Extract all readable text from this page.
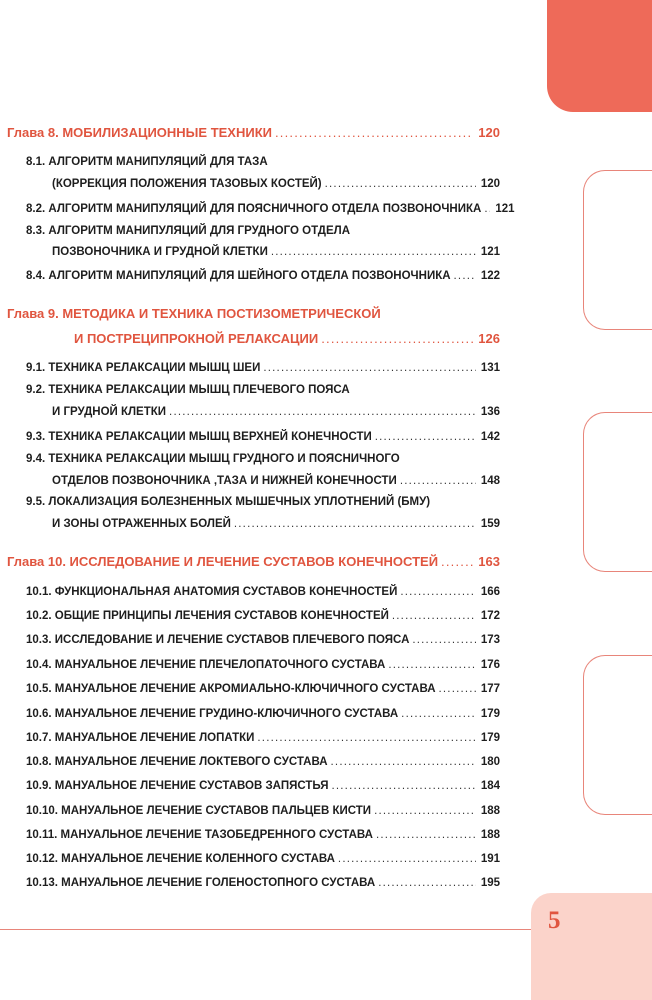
5
Глава 8. МОБИЛИЗАЦИОННЫЕ ТЕХНИКИ .....	120
8.1. АЛГОРИТМ МАНИПУЛЯЦИЙ ДЛЯ ТАЗА
(КОРРЕКЦИЯ ПОЛОЖЕНИЯ ТАЗОВЫХ КОСТЕЙ) .....	120
8.2. АЛГОРИТМ МАНИПУЛЯЦИЙ ДЛЯ ПОЯСНИЧНОГО ОТДЕЛА ПОЗВОНОЧНИКА ..... 121
8.3. АЛГОРИТМ МАНИПУЛЯЦИЙ ДЛЯ ГРУДНОГО ОТДЕЛА
ПОЗВОНОЧНИКА И ГРУДНОЙ КЛЕТКИ .....	121
8.4. АЛГОРИТМ МАНИПУЛЯЦИЙ ДЛЯ ШЕЙНОГО ОТДЕЛА ПОЗВОНОЧНИКА .....	122
Глава 9. МЕТОДИКА И ТЕХНИКА ПОСТИЗОМЕТРИЧЕСКОЙ
И ПОСТРЕЦИПРОКНОЙ РЕЛАКСАЦИИ .....	126
9.1. ТЕХНИКА РЕЛАКСАЦИИ МЫШЦ ШЕИ .....	131
9.2. ТЕХНИКА РЕЛАКСАЦИИ МЫШЦ ПЛЕЧЕВОГО ПОЯСА
И ГРУДНОЙ КЛЕТКИ .....	136
9.3. ТЕХНИКА РЕЛАКСАЦИИ МЫШЦ ВЕРХНЕЙ КОНЕЧНОСТИ .....	142
9.4. ТЕХНИКА РЕЛАКСАЦИИ МЫШЦ ГРУДНОГО И ПОЯСНИЧНОГО
ОТДЕЛОВ ПОЗВОНОЧНИКА ,ТАЗА И НИЖНЕЙ КОНЕЧНОСТИ .....	148
9.5. ЛОКАЛИЗАЦИЯ БОЛЕЗНЕННЫХ МЫШЕЧНЫХ УПЛОТНЕНИЙ (БМУ)
И ЗОНЫ ОТРАЖЕННЫХ БОЛЕЙ .....	159
Глава 10. ИССЛЕДОВАНИЕ И ЛЕЧЕНИЕ СУСТАВОВ КОНЕЧНОСТЕЙ .....	163
10.1. ФУНКЦИОНАЛЬНАЯ АНАТОМИЯ СУСТАВОВ КОНЕЧНОСТЕЙ .....	166
10.2. ОБЩИЕ ПРИНЦИПЫ ЛЕЧЕНИЯ СУСТАВОВ КОНЕЧНОСТЕЙ .....	172
10.3. ИССЛЕДОВАНИЕ И ЛЕЧЕНИЕ СУСТАВОВ ПЛЕЧЕВОГО ПОЯСА .....	173
10.4. МАНУАЛЬНОЕ ЛЕЧЕНИЕ ПЛЕЧЕЛОПАТОЧНОГО СУСТАВА .....	176
10.5. МАНУАЛЬНОЕ ЛЕЧЕНИЕ АКРОМИАЛЬНО-КЛЮЧИЧНОГО СУСТАВА .....	177
10.6. МАНУАЛЬНОЕ ЛЕЧЕНИЕ ГРУДИНО-КЛЮЧИЧНОГО СУСТАВА .....	179
10.7. МАНУАЛЬНОЕ ЛЕЧЕНИЕ ЛОПАТКИ .....	179
10.8. МАНУАЛЬНОЕ ЛЕЧЕНИЕ ЛОКТЕВОГО СУСТАВА .....	180
10.9. МАНУАЛЬНОЕ ЛЕЧЕНИЕ СУСТАВОВ ЗАПЯСТЬЯ .....	184
10.10. МАНУАЛЬНОЕ ЛЕЧЕНИЕ СУСТАВОВ ПАЛЬЦЕВ КИСТИ .....	188
10.11. МАНУАЛЬНОЕ ЛЕЧЕНИЕ ТАЗОБЕДРЕННОГО СУСТАВА .....	188
10.12. МАНУАЛЬНОЕ ЛЕЧЕНИЕ КОЛЕННОГО СУСТАВА .....	191
10.13. МАНУАЛЬНОЕ ЛЕЧЕНИЕ ГОЛЕНОСТОПНОГО СУСТАВА .....	195
